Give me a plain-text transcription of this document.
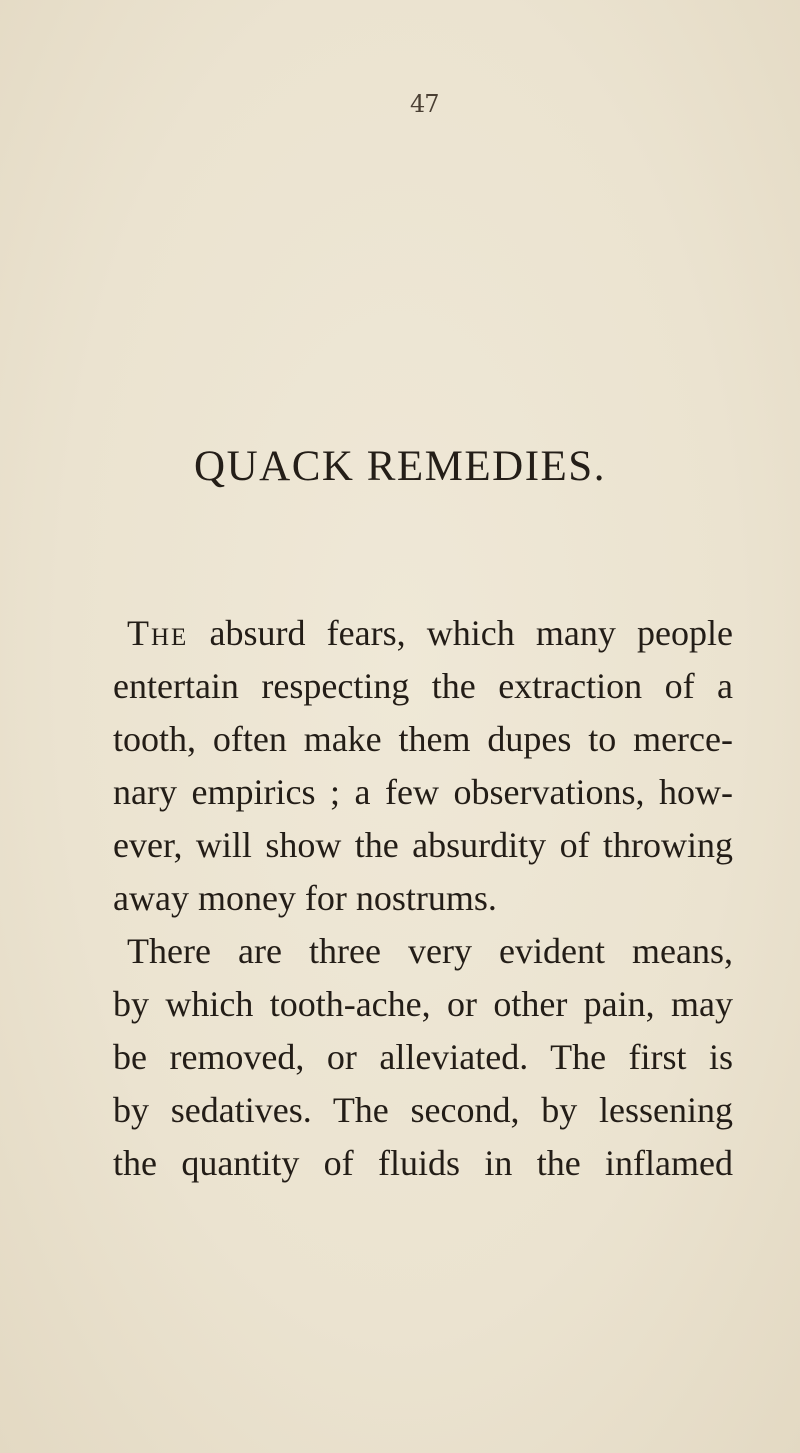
47
QUACK REMEDIES.
The absurd fears, which many people
entertain respecting the extraction of a
tooth, often make them dupes to merce-
nary empirics ; a few observations, how-
ever, will show the absurdity of throwing
away money for nostrums.
There are three very evident means,
by which tooth-ache, or other pain, may
be removed, or alleviated. The first is
by sedatives. The second, by lessening
the quantity of fluids in the inflamed
